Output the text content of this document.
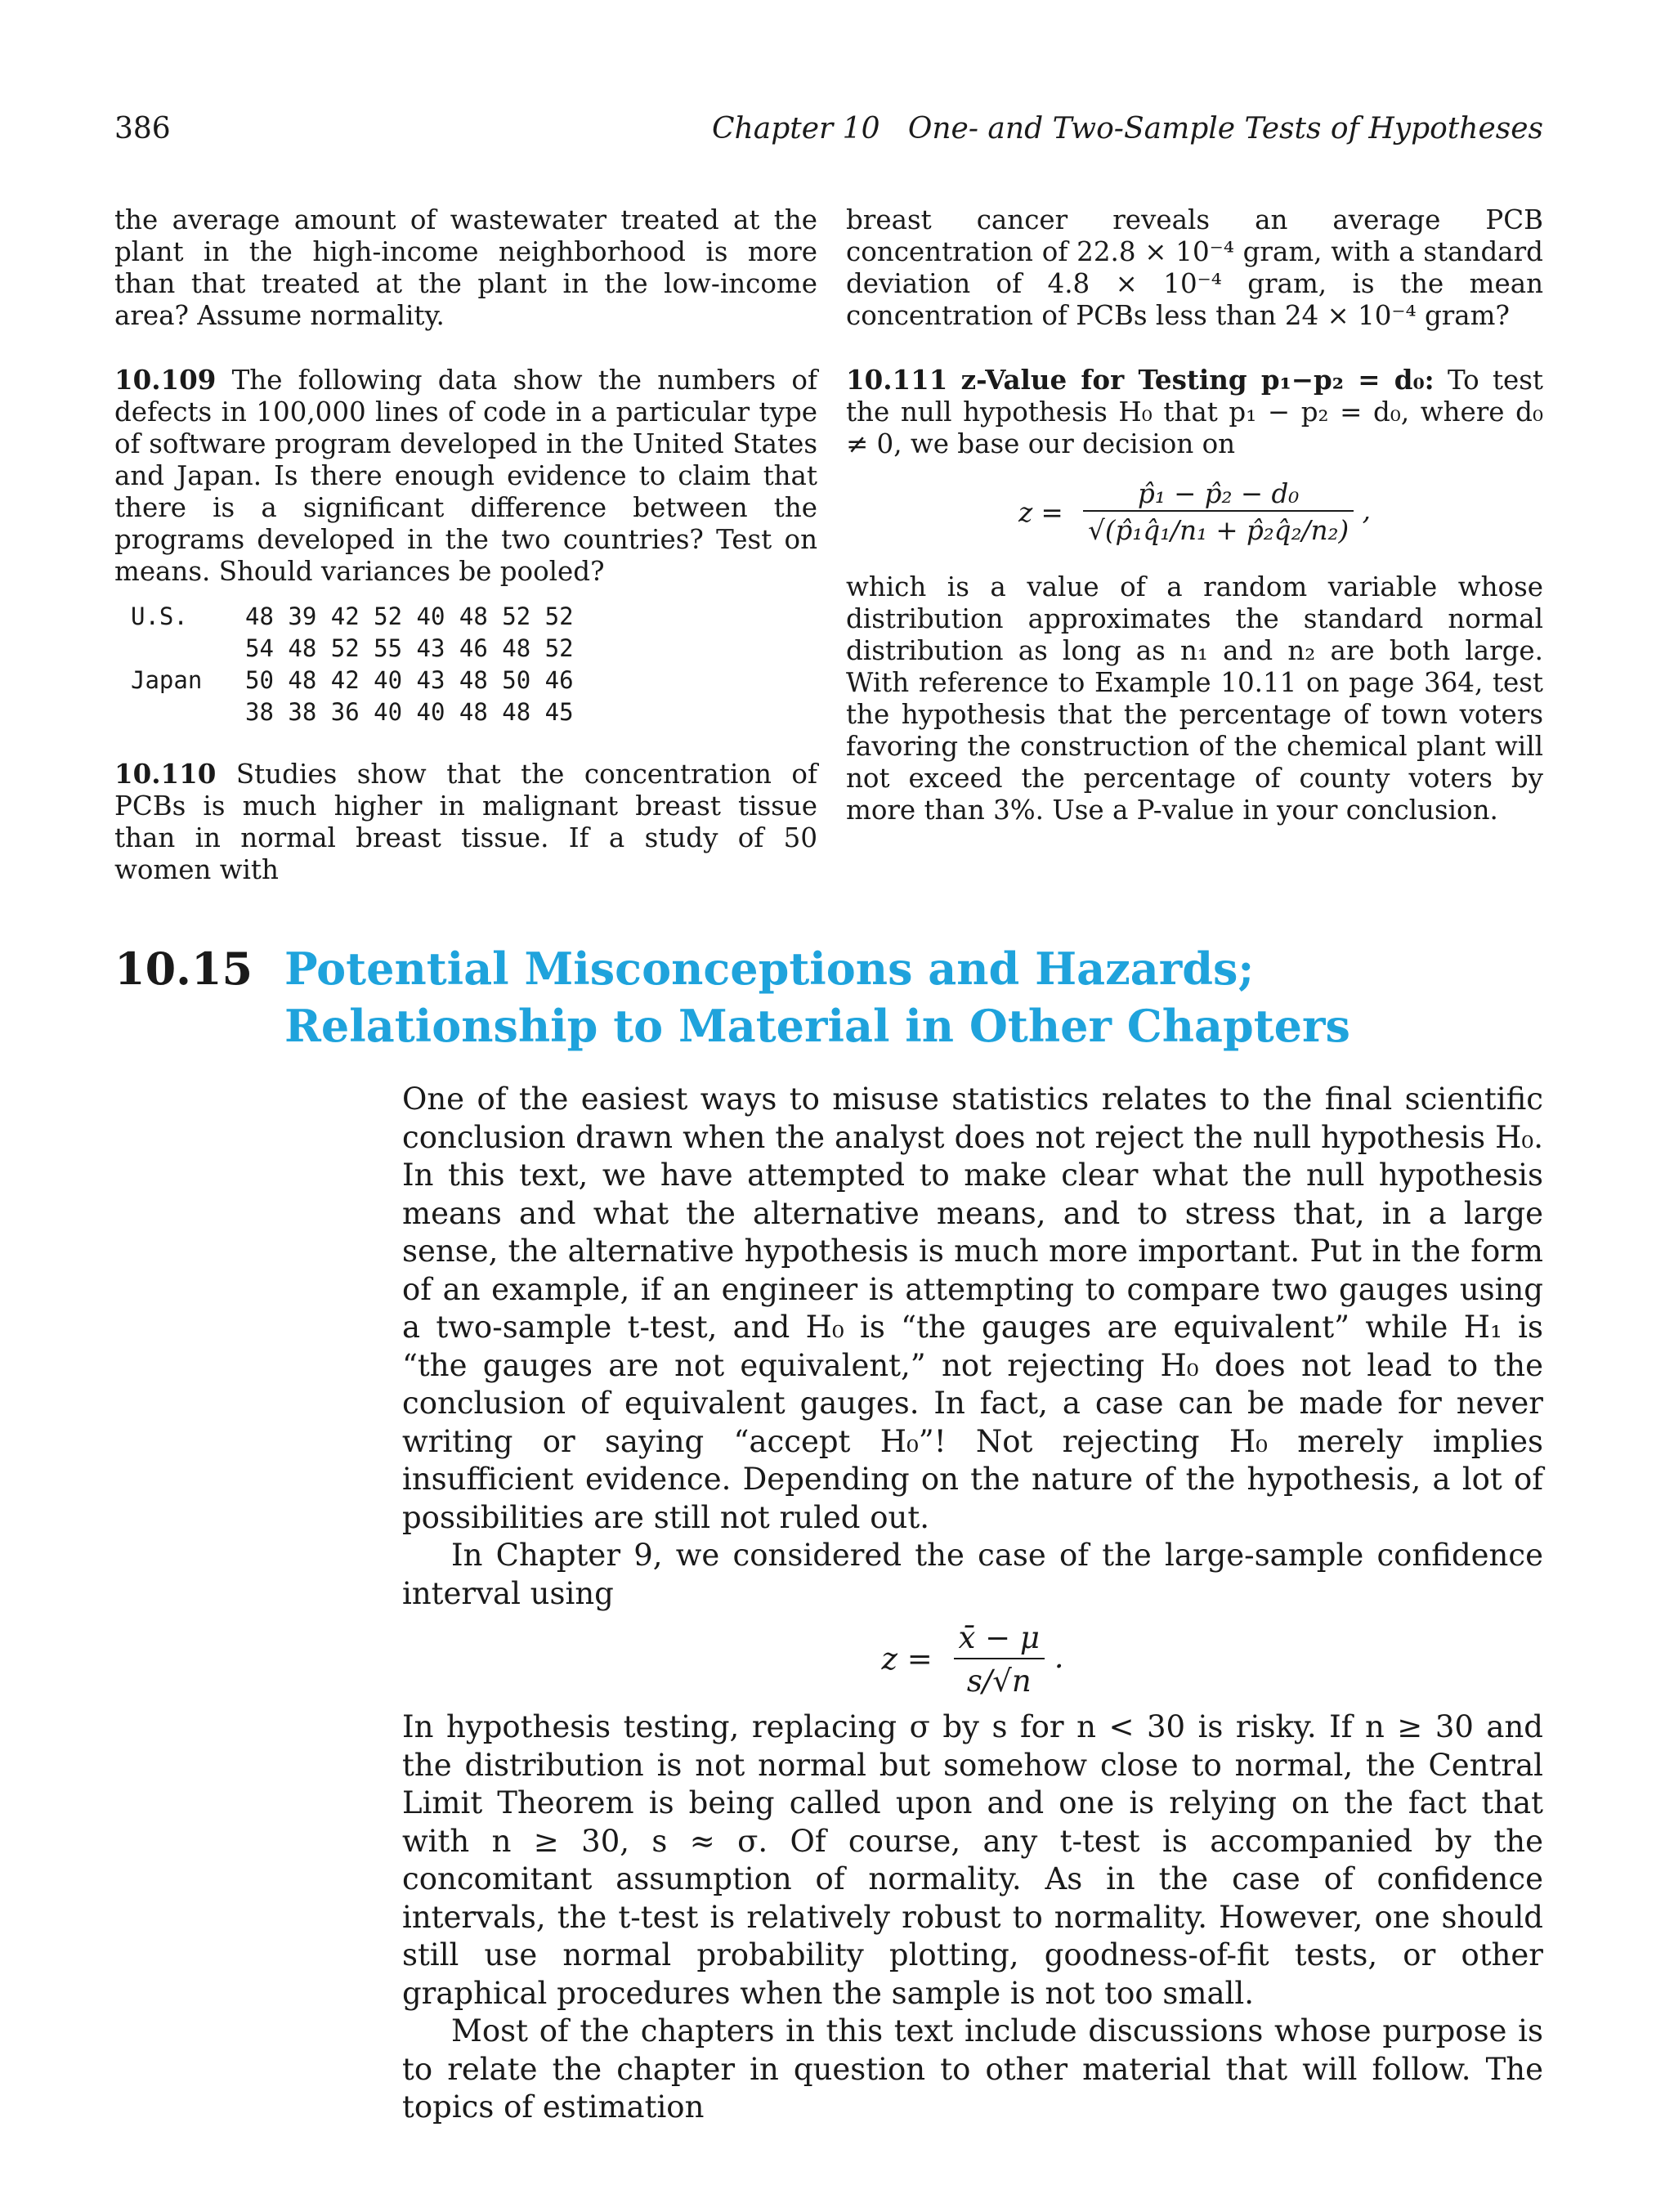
386	Chapter 10   One- and Two-Sample Tests of Hypotheses

the average amount of wastewater treated at the plant in the high-income neighborhood is more than that treated at the plant in the low-income area? Assume normality.

10.109 The following data show the numbers of defects in 100,000 lines of code in a particular type of software program developed in the United States and Japan. Is there enough evidence to claim that there is a significant difference between the programs developed in the two countries? Test on means. Should variances be pooled?

U.S.	48 39 42 52 40 48 52 52
	54 48 52 55 43 46 48 52
Japan	50 48 42 40 43 48 50 46
	38 38 36 40 40 48 48 45

10.110 Studies show that the concentration of PCBs is much higher in malignant breast tissue than in normal breast tissue. If a study of 50 women with

breast cancer reveals an average PCB concentration of 22.8 × 10⁻⁴ gram, with a standard deviation of 4.8 × 10⁻⁴ gram, is the mean concentration of PCBs less than 24 × 10⁻⁴ gram?

10.111 z-Value for Testing p₁−p₂ = d₀: To test the null hypothesis H₀ that p₁ − p₂ = d₀, where d₀ ≠ 0, we base our decision on

$z = \frac{\text{p̂₁ − p̂₂ − d₀}}{\text{√(p̂₁q̂₁/n₁ + p̂₂q̂₂/n₂)}}$ ,

which is a value of a random variable whose distribution approximates the standard normal distribution as long as n₁ and n₂ are both large. With reference to Example 10.11 on page 364, test the hypothesis that the percentage of town voters favoring the construction of the chemical plant will not exceed the percentage of county voters by more than 3%. Use a P-value in your conclusion.

10.15 Potential Misconceptions and Hazards;
Relationship to Material in Other Chapters

One of the easiest ways to misuse statistics relates to the final scientific conclusion drawn when the analyst does not reject the null hypothesis H₀. In this text, we have attempted to make clear what the null hypothesis means and what the alternative means, and to stress that, in a large sense, the alternative hypothesis is much more important. Put in the form of an example, if an engineer is attempting to compare two gauges using a two-sample t-test, and H₀ is “the gauges are equivalent” while H₁ is “the gauges are not equivalent,” not rejecting H₀ does not lead to the conclusion of equivalent gauges. In fact, a case can be made for never writing or saying “accept H₀”! Not rejecting H₀ merely implies insufficient evidence. Depending on the nature of the hypothesis, a lot of possibilities are still not ruled out.

In Chapter 9, we considered the case of the large-sample confidence interval using

$z = \frac{x̄ - \mu}{s/√n}$ .

In hypothesis testing, replacing σ by s for n < 30 is risky. If n ≥ 30 and the distribution is not normal but somehow close to normal, the Central Limit Theorem is being called upon and one is relying on the fact that with n ≥ 30, s ≈ σ. Of course, any t-test is accompanied by the concomitant assumption of normality. As in the case of confidence intervals, the t-test is relatively robust to normality. However, one should still use normal probability plotting, goodness-of-fit tests, or other graphical procedures when the sample is not too small.

Most of the chapters in this text include discussions whose purpose is to relate the chapter in question to other material that will follow. The topics of estimation
